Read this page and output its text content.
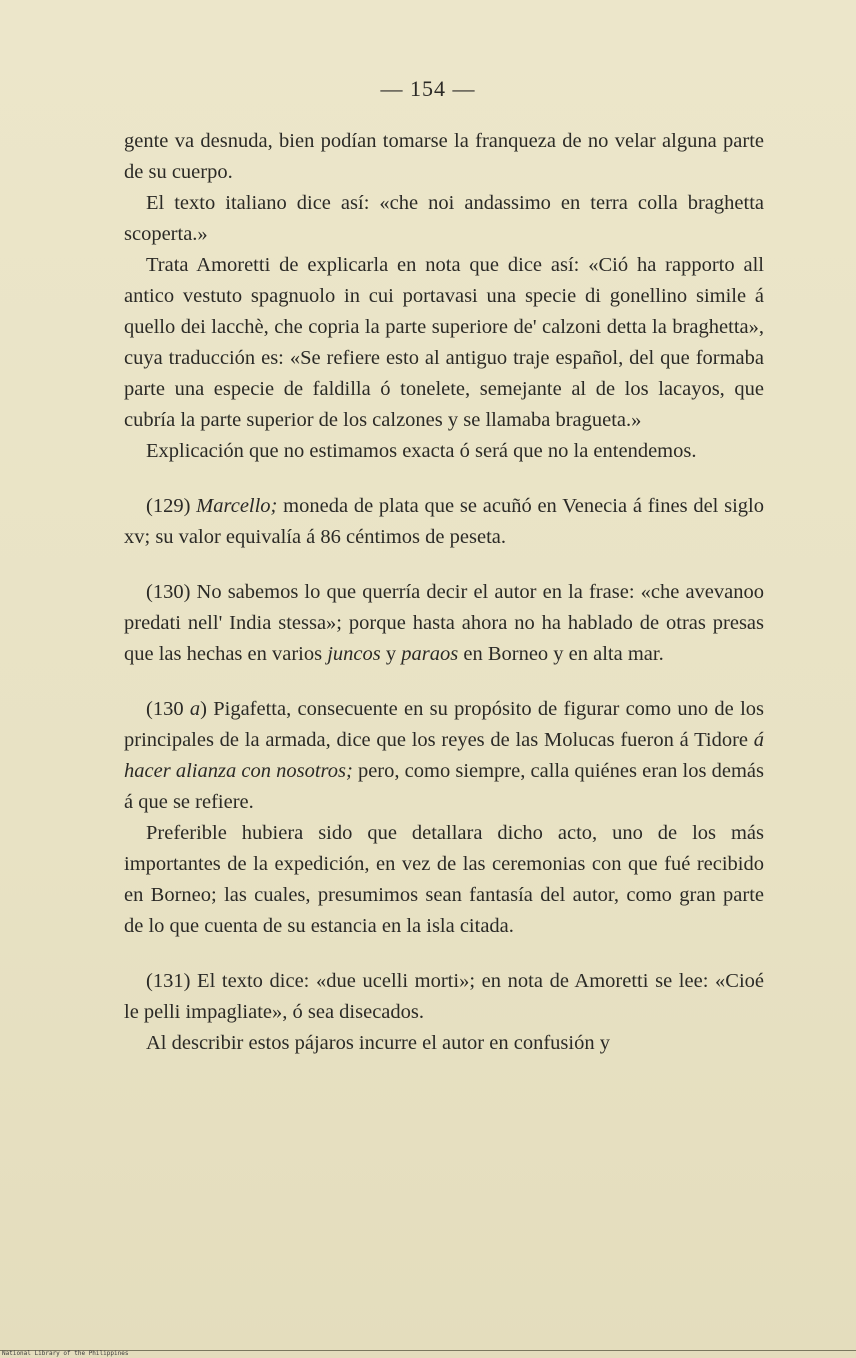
— 154 —

gente va desnuda, bien podían tomarse la franqueza de no velar alguna parte de su cuerpo.

El texto italiano dice así: «che noi andassimo en terra colla braghetta scoperta.»

Trata Amoretti de explicarla en nota que dice así: «Ció ha rapporto all antico vestuto spagnuolo in cui portavasi una specie di gonellino simile á quello dei lacchè, che copria la parte superiore de' calzoni detta la braghetta», cuya traducción es: «Se refiere esto al antiguo traje español, del que formaba parte una especie de faldilla ó tonelete, semejante al de los lacayos, que cubría la parte superior de los calzones y se llamaba bragueta.»

Explicación que no estimamos exacta ó será que no la entendemos.

(129) Marcello; moneda de plata que se acuñó en Venecia á fines del siglo xv; su valor equivalía á 86 céntimos de peseta.

(130) No sabemos lo que querría decir el autor en la frase: «che avevanoo predati nell' India stessa»; porque hasta ahora no ha hablado de otras presas que las hechas en varios juncos y paraos en Borneo y en alta mar.

(130 a) Pigafetta, consecuente en su propósito de figurar como uno de los principales de la armada, dice que los reyes de las Molucas fueron á Tidore á hacer alianza con nosotros; pero, como siempre, calla quiénes eran los demás á que se refiere.

Preferible hubiera sido que detallara dicho acto, uno de los más importantes de la expedición, en vez de las ceremonias con que fué recibido en Borneo; las cuales, presumimos sean fantasía del autor, como gran parte de lo que cuenta de su estancia en la isla citada.

(131) El texto dice: «due ucelli morti»; en nota de Amoretti se lee: «Cioé le pelli impagliate», ó sea disecados.

Al describir estos pájaros incurre el autor en confusión y

National Library of the Philippines
